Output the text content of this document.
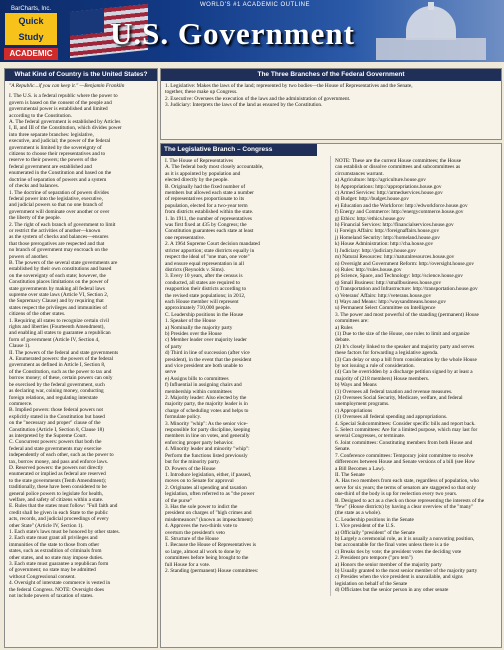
BarCharts, Inc.
Quick Study
ACADEMIC
WORLD'S #1 ACADEMIC OUTLINE
U.S. Government
What Kind of Country is the United States?
"A Republic...if you can keep it." —Benjamin Franklin
I. The U.S. is a federal republic where the power to
govern is based on the consent of the people and
governmental power is established and limited
according to the Constitution.
A. The federal government is established by Articles
I, II, and III of the Constitution, which divides power
into three separate branches: legislative,
executive, and judicial; the power of the federal
government is limited by the sovereignty of
citizens to choose their representatives and to
reserve to their powers; the powers of the
federal government are established and
enumerated in the Constitution and based on the
doctrine of separation of powers and a system
of checks and balances.
1. The doctrine of separation of powers divides
federal power into the legislative, executive,
and judicial powers so that no one branch of
government will dominate over another or over
the liberty of the people.
2. The right of each branch of government to limit
or restrict the activities of another—known
as the system of checks and balances—ensures
that those prerogatives are respected and that
no branch of government may encroach on the
powers of another.
B. The powers of the several state governments are
established by their own constitutions and based
on the sovereignty of each state; however, the
Constitution places limitations on the power of
state governments by making all federal laws
supreme over state laws (Article VI, Section 2,
the Supremacy Clause) and by requiring that
states respect the privileges and immunities of
citizens of the other states.
1. Requiring all states to recognize certain civil
rights and liberties (Fourteenth Amendment),
and enabling all states to guarantee a republican
form of government (Article IV, Section 4,
Clause 1).
II. The powers of the federal and state governments
A. Enumerated powers: the powers of the federal
government as defined in Article I, Section 8,
of the Constitution, such as the power to tax and
borrow money; of these, certain powers can only
be exercised by the federal government, such
as declaring war, coining money, conducting
foreign relations, and regulating interstate
commerce.
B. Implied powers: those federal powers not
explicitly stated in the Constitution but based
on the "necessary and proper" clause of the
Constitution (Article I, Section 8, Clause 18)
as interpreted by the Supreme Court.
C. Concurrent powers: powers that both the
federal and state governments may exercise
independently of each other, such as the power to
tax, borrow money, and pass and enforce laws.
D. Reserved powers: the powers not directly
enumerated or implied as federal are reserved
to the state governments (Tenth Amendment);
traditionally, these have been considered to be
general police powers to legislate for health,
welfare, and safety of citizens within a state.
E. Rules that the states must follow: "Full faith and
credit shall be given in each State to the public
acts, records, and judicial proceedings of every
other State" (Article IV, Section 1).
1. Each state's laws must be honored by other states.
2. Each state must grant all privileges and
immunities of the state to those from other
states, such as extradition of criminals from
other states, and no state may impose duties.
3. Each state must guarantee a republican form
of government; no state may be admitted
without Congressional consent.
4. Oversight of interstate commerce is vested in
the federal Congress. NOTE: Oversight does
not include powers of taxation of states.
The Three Branches of the Federal Government
1. Legislative: Makes the laws of the land; represented by two bodies—the House of Representatives and the Senate,
together, these make up Congress.
2. Executive: Oversees the execution of the laws and the administration of government.
3. Judiciary: Interprets the laws of the land as ensured by the Constitution.
The Legislative Branch – Congress
I. The House of Representatives
A. The federal body most closely accountable,
as it is appointed by population and
elected directly by the people.
B. Originally had the fixed number of
members but allowed each state a number
of representatives proportionate to its
population, elected for a two-year term
from districts established within the state.
1. In 1911, the number of representatives
was first fixed at 435 by Congress; the
Constitution guarantees each state at least
one representative.
2. A 1964 Supreme Court decision mandated
stricter apportion; state districts equally in
respect the ideal of "one man, one vote"
and ensure equal representation in all
districts (Reynolds v. Sims).
3. Every 10 years, after the census is
conducted, all states are required to
reapportion their districts according to
the revised state populations; in 2012,
each House member will represent
approximately 710,000 people.
C. Leadership positions in the House
1. Speaker of the House
a) Nominally the majority party
b) Presides over the House
c) Member leader over majority leader
of party
d) Third in line of succession (after vice
president), in the event that the president
and vice president are both unable to
serve
e) Assigns bills to committees
f) Influential in assigning chairs and
membership within committees
2. Majority leader: Also elected by the
majority party, the majority leader is in
charge of scheduling votes and helps to
formulate policy.
3. Minority "whip": As the senior vice-
responsible for party discipline, keeping
members in line on votes, and generally
enforcing proper party behavior.
4. Minority leader and minority "whip":
Perform the functions listed previously
but for the minority party.
D. Powers of the House
1. Introduce legislation, either, if passed,
moves on to Senate for approval
2. Originates all spending and taxation
legislation, often referred to as "the power
of the purse"
3. Has the sole power to indict the
president on charges of "high crimes and
misdemeanors" (known as impeachment)
4. Approves the two-thirds vote to
overturn the president's veto
E. Structure of the House
1. Because the House of Representatives is
so large, almost all work to done by
committees before being brought to the
full House for a vote.
2. Standing (permanent) House committees:
NOTE: These are the current House committees; the House
can establish or dissolve committees and subcommittees as
circumstances warrant.
a) Agriculture: http://agriculture.house.gov
b) Appropriations: http://appropriations.house.gov
c) Armed Services: http://armedservices.house.gov
d) Budget: http://budget.house.gov
e) Education and the Workforce: http://edworkforce.house.gov
f) Energy and Commerce: http://energycommerce.house.gov
g) Ethics: http://ethics.house.gov
h) Financial Services: http://financialservices.house.gov
i) Foreign Affairs: http://foreignaffairs.house.gov
j) Homeland Security: http://homeland.house.gov
k) House Administration: http://cha.house.gov
l) Judiciary: http://judiciary.house.gov
m) Natural Resources: http://naturalresources.house.gov
n) Oversight and Government Reform: http://oversight.house.gov
o) Rules: http://rules.house.gov
p) Science, Space, and Technology: http://science.house.gov
q) Small Business: http://smallbusiness.house.gov
r) Transportation and Infrastructure: http://transportation.house.gov
s) Veterans' Affairs: http://veterans.house.gov
t) Ways and Means: http://waysandmeans.house.gov
u) Permanent Select Committee on Intelligence
3. The power and most powerful of the standing (permanent) House
committees are:
a) Rules
(1) Due to the size of the House, one rules to limit and organize
debate.
(2) It's closely linked to the speaker and majority party and serves
these factors for forwarding a legislative agenda.
(3) Can delay or stop a bill from consideration by the whole House
by not issuing a rule of consideration.
(4) Can be overridden by a discharge petition signed by at least a
majority of (218 members) House members.
b) Ways and Means
(1) Oversees all federal taxation and revenue measures.
(2) Oversees Social Security, Medicare, welfare, and federal
unemployment programs.
c) Appropriations
(1) Oversees all federal spending and appropriations.
4. Special Subcommittees: Consider specific bills and report back.
5. Select committees: Are for a limited purpose, which may last for
several Congresses, or terminate.
6. Joint committees: Constituting members from both House and
Senate.
7. Conference committees: Temporary joint committee to resolve
differences between House and Senate versions of a bill (see How
a Bill Becomes a Law).
II. The Senate
A. Has two members from each state, regardless of population, who
serve for six years; the terms of senators are staggered so that only
one-third of the body is up for reelection every two years.
B. Designed to act as a check on those representing the interests of the
"few" (House districts) by having a clear overview of the "many"
(the state as a whole).
C. Leadership positions in the Senate
1. Vice president of the U.S.
a) Officially "president" of the Senate
b) Largely a ceremonial role, as it is usually a nonvoting position,
but accountable for the final votes unless there is a tie
c) Breaks ties by vote; the president votes the deciding vote
2. President pro tempore ("pro tem")
a) Honors the senior member of the majority party
b) Usually granted to the most senior member of the majority party
c) Presides when the vice president is unavailable, and signs
legislation on behalf of the Senate
d) Officiates but the senior person in any other senate
